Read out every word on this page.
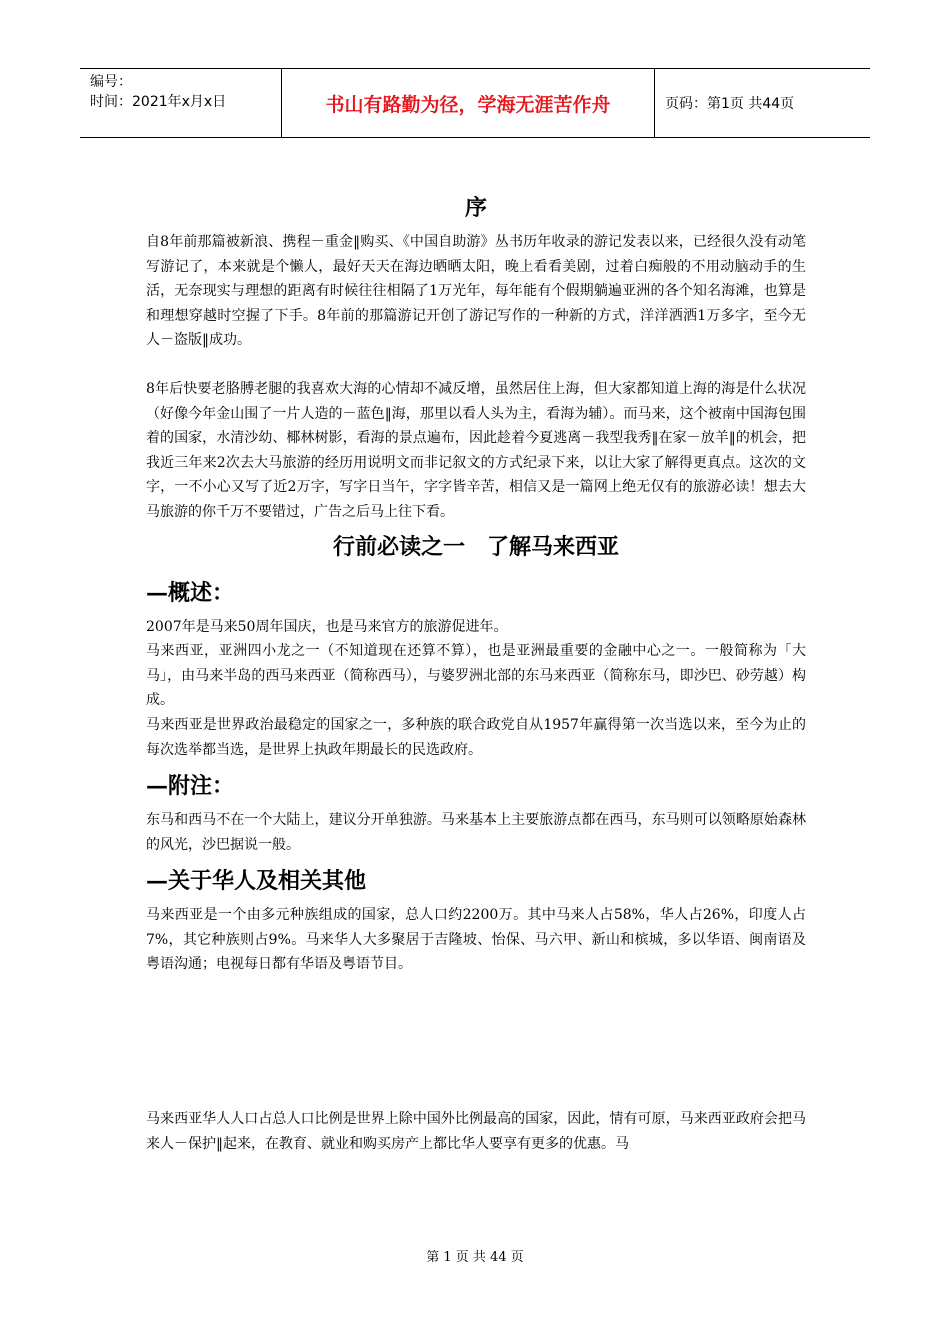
编号：
时间：2021年x月x日	书山有路勤为径，学海无涯苦作舟	页码：第1页 共44页
序

自8年前那篇被新浪、携程－重金‖购买、《中国自助游》丛书历年收录的游记发表以来，已经很久没有动笔写游记了，本来就是个懒人，最好天天在海边晒晒太阳，晚上看看美剧，过着白痴般的不用动脑动手的生活，无奈现实与理想的距离有时候往往相隔了1万光年，每年能有个假期躺遍亚洲的各个知名海滩，也算是和理想穿越时空握了下手。8年前的那篇游记开创了游记写作的一种新的方式，洋洋洒洒1万多字，至今无人－盗版‖成功。

8年后快要老胳膊老腿的我喜欢大海的心情却不减反增，虽然居住上海，但大家都知道上海的海是什么状况（好像今年金山围了一片人造的－蓝色‖海，那里以看人头为主，看海为辅）。而马来，这个被南中国海包围着的国家，水清沙幼、椰林树影，看海的景点遍布，因此趁着今夏逃离－我型我秀‖在家－放羊‖的机会，把我近三年来2次去大马旅游的经历用说明文而非记叙文的方式纪录下来，以让大家了解得更真点。这次的文字，一不小心又写了近2万字，写字日当午，字字皆辛苦，相信又是一篇网上绝无仅有的旅游必读！想去大马旅游的你千万不要错过，广告之后马上往下看。

行前必读之一　了解马来西亚
—概述：

2007年是马来50周年国庆，也是马来官方的旅游促进年。

马来西亚，亚洲四小龙之一（不知道现在还算不算），也是亚洲最重要的金融中心之一。一般简称为「大马」，由马来半岛的西马来西亚（简称西马），与婆罗洲北部的东马来西亚（简称东马，即沙巴、砂劳越）构成。

马来西亚是世界政治最稳定的国家之一，多种族的联合政党自从1957年赢得第一次当选以来，至今为止的每次选举都当选，是世界上执政年期最长的民选政府。

—附注：

东马和西马不在一个大陆上，建议分开单独游。马来基本上主要旅游点都在西马，东马则可以领略原始森林的风光，沙巴据说一般。

—关于华人及相关其他

马来西亚是一个由多元种族组成的国家，总人口约2200万。其中马来人占58%，华人占26%，印度人占7%，其它种族则占9%。马来华人大多聚居于吉隆坡、怡保、马六甲、新山和槟城，多以华语、闽南语及粤语沟通；电视每日都有华语及粤语节目。

马来西亚华人人口占总人口比例是世界上除中国外比例最高的国家，因此，情有可原，马来西亚政府会把马来人－保护‖起来，在教育、就业和购买房产上都比华人要享有更多的优惠。马

第 1 页 共 44 页
